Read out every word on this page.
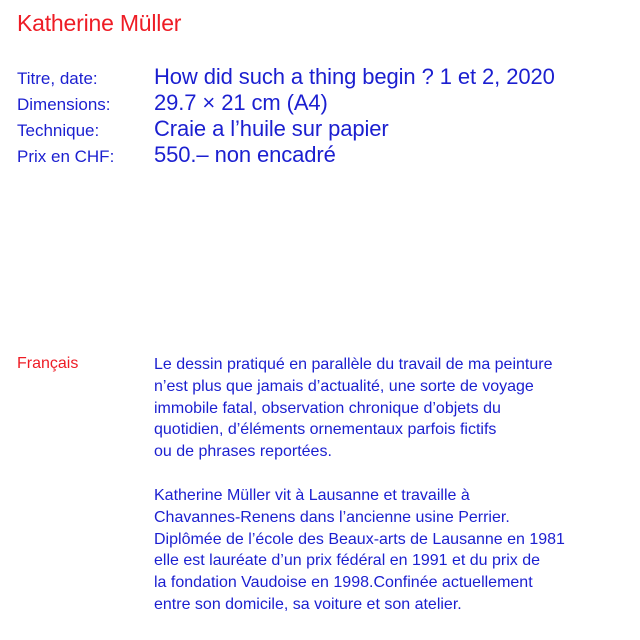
Katherine Müller
Titre, date:	How did such a thing begin ? 1 et 2, 2020
Dimensions: 29.7 × 21 cm (A4)
Technique: Craie a l’huile sur papier
Prix en CHF: 550.– non encadré
Français	Le dessin pratiqué en parallèle du travail de ma peinture
n’est plus que jamais d’actualité, une sorte de voyage
immobile fatal, observation chronique d’objets du
quotidien, d’éléments ornementaux parfois fictifs
ou de phrases reportées.

Katherine Müller vit à Lausanne et travaille à
Chavannes-Renens dans l’ancienne usine Perrier.
Diplômée de l’école des Beaux-arts de Lausanne en 1981
elle est lauréate d’un prix fédéral en 1991 et du prix de
la fondation Vaudoise en 1998.Confinée actuellement
entre son domicile, sa voiture et son atelier.
